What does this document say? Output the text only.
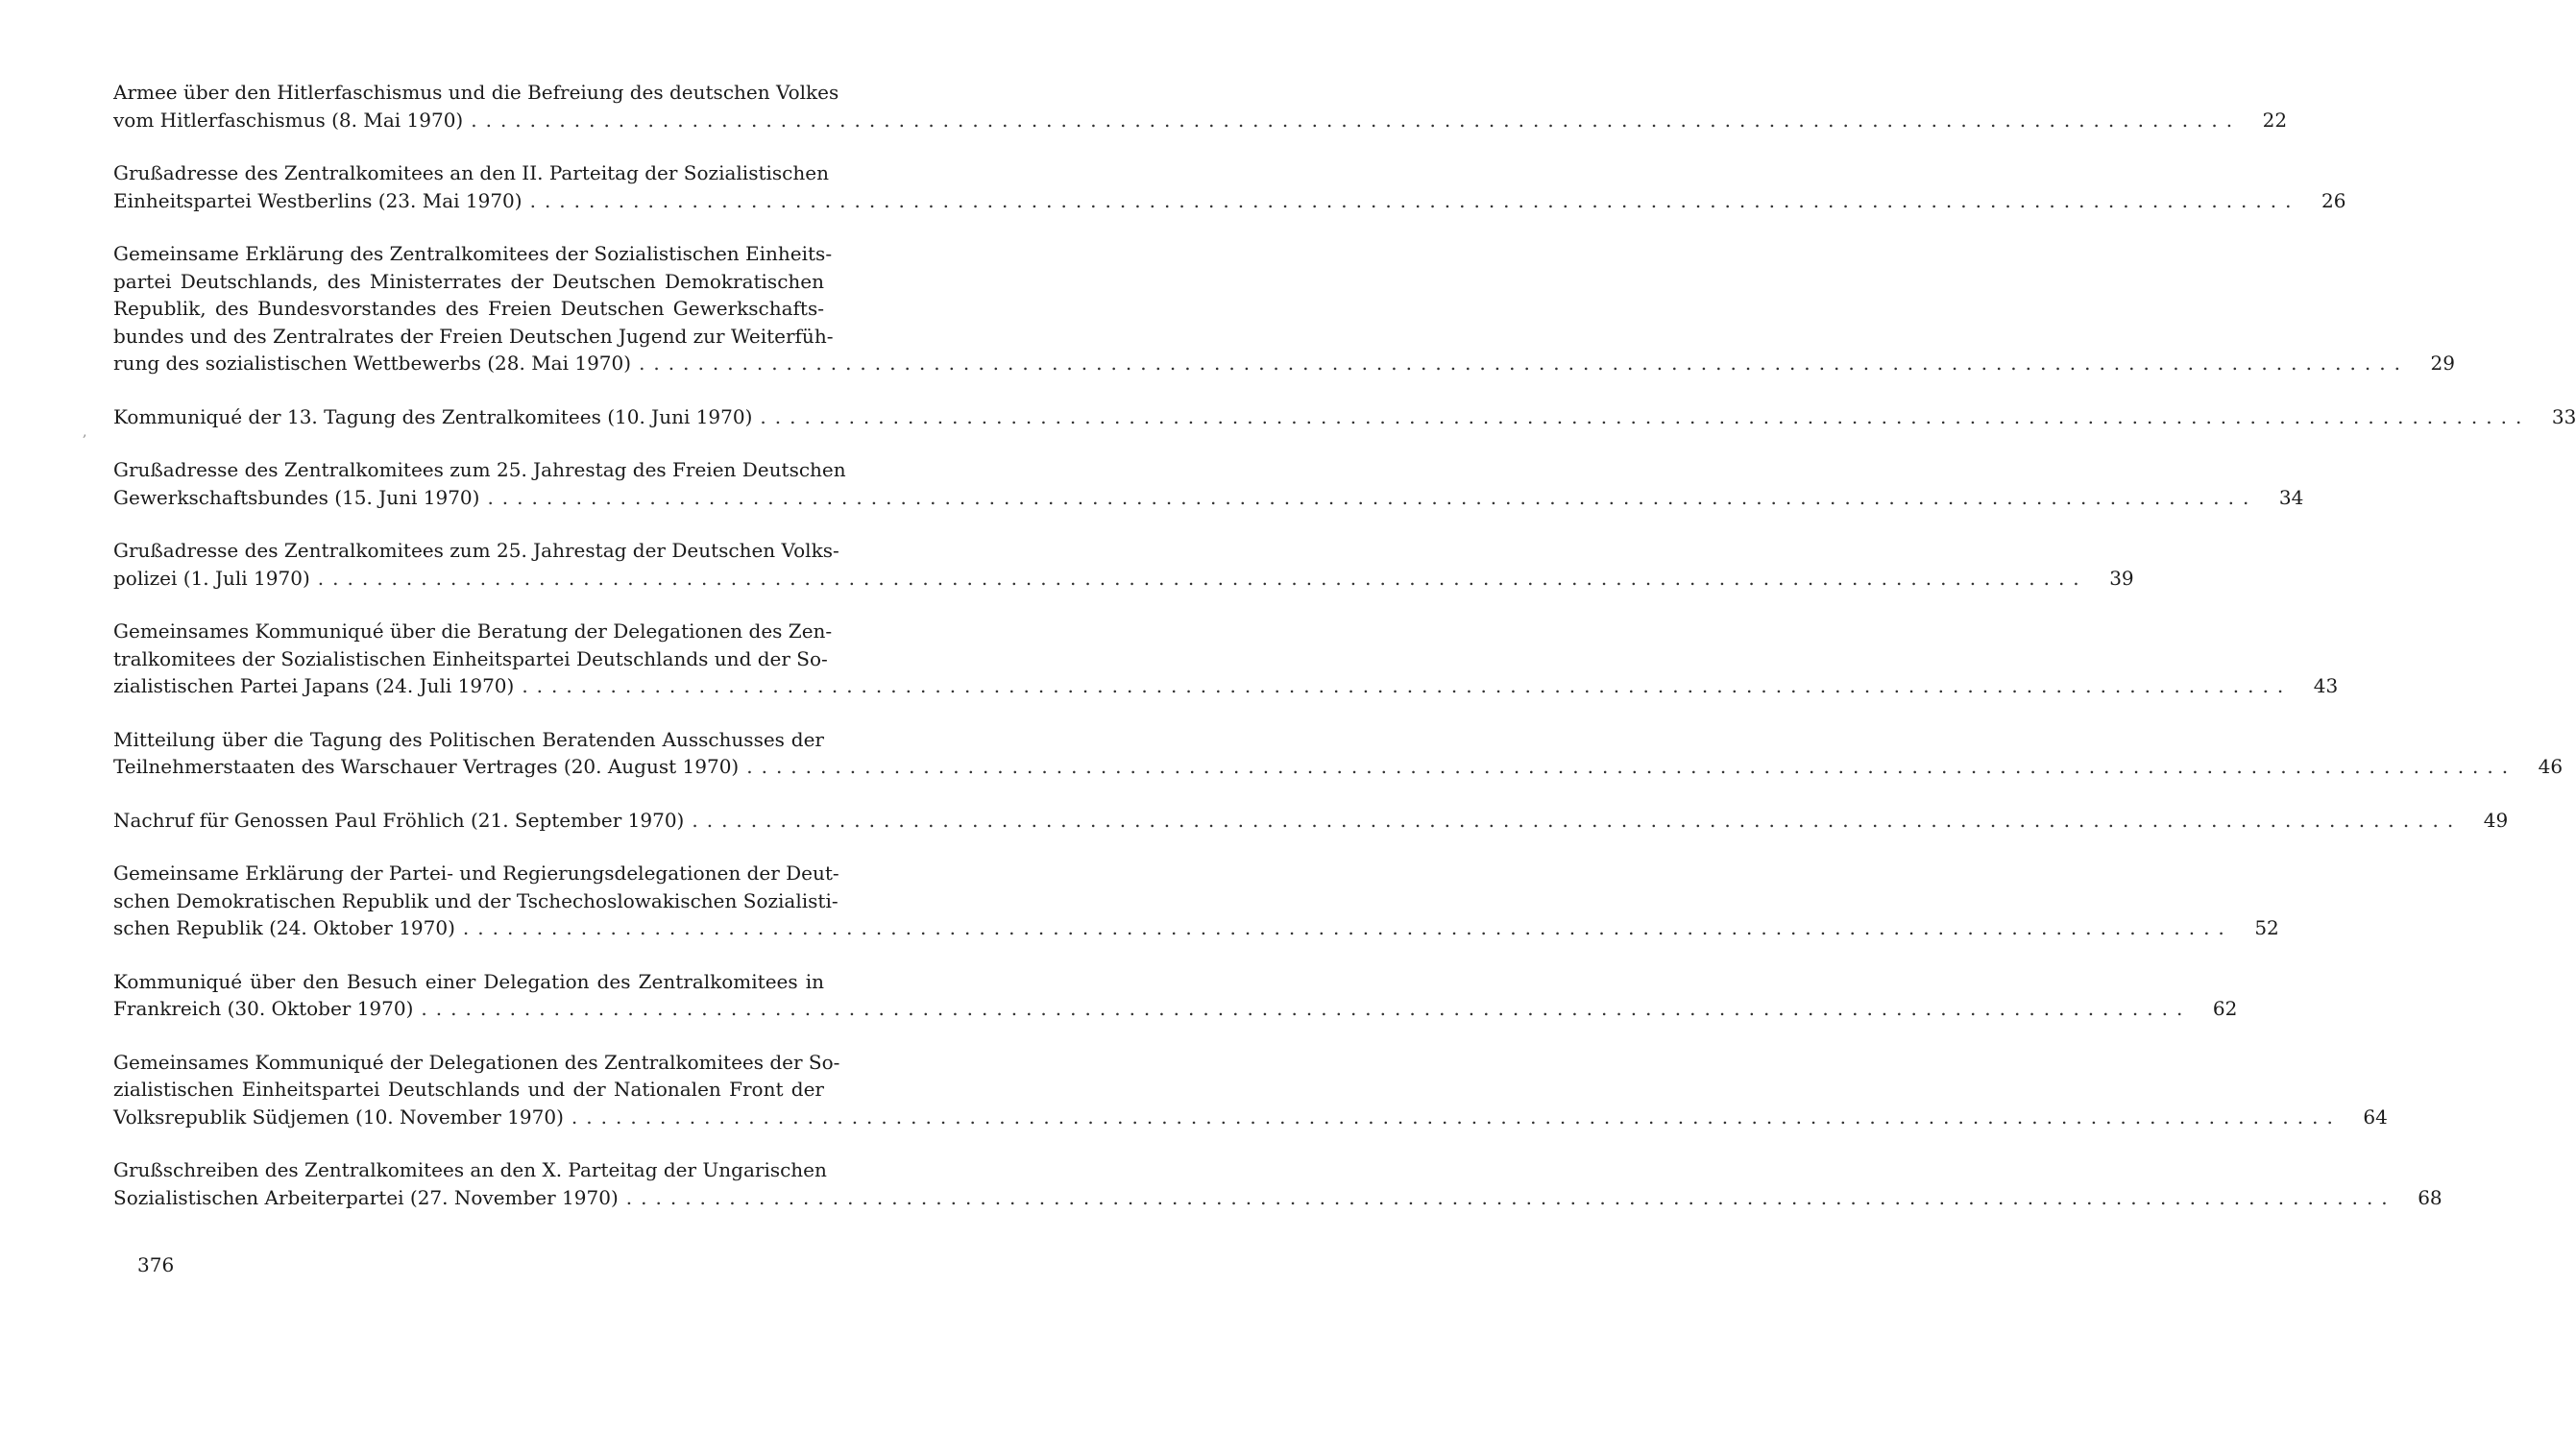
,
Armee über den Hitlerfaschismus und die Befreiung des deutschen Volkes
vom Hitlerfaschismus (8. Mai 1970) ........................................................................................................................	22
Grußadresse des Zentralkomitees an den II. Parteitag der Sozialistischen
Einheitspartei Westberlins (23. Mai 1970) ........................................................................................................................	26
Gemeinsame Erklärung des Zentralkomitees der Sozialistischen Einheits-
partei Deutschlands, des Ministerrates der Deutschen Demokratischen
Republik, des Bundesvorstandes des Freien Deutschen Gewerkschafts-
bundes und des Zentralrates der Freien Deutschen Jugend zur Weiterfüh-
rung des sozialistischen Wettbewerbs (28. Mai 1970) ........................................................................................................................	29
Kommuniqué der 13. Tagung des Zentralkomitees (10. Juni 1970) ........................................................................................................................	33
Grußadresse des Zentralkomitees zum 25. Jahrestag des Freien Deutschen
Gewerkschaftsbundes (15. Juni 1970) ........................................................................................................................	34
Grußadresse des Zentralkomitees zum 25. Jahrestag der Deutschen Volks-
polizei (1. Juli 1970) ........................................................................................................................	39
Gemeinsames Kommuniqué über die Beratung der Delegationen des Zen-
tralkomitees der Sozialistischen Einheitspartei Deutschlands und der So-
zialistischen Partei Japans (24. Juli 1970) ........................................................................................................................	43
Mitteilung über die Tagung des Politischen Beratenden Ausschusses der
Teilnehmerstaaten des Warschauer Vertrages (20. August 1970) ........................................................................................................................	46
Nachruf für Genossen Paul Fröhlich (21. September 1970) ........................................................................................................................	49
Gemeinsame Erklärung der Partei- und Regierungsdelegationen der Deut-
schen Demokratischen Republik und der Tschechoslowakischen Sozialisti-
schen Republik (24. Oktober 1970) ........................................................................................................................	52
Kommuniqué über den Besuch einer Delegation des Zentralkomitees in
Frankreich (30. Oktober 1970) ........................................................................................................................	62
Gemeinsames Kommuniqué der Delegationen des Zentralkomitees der So-
zialistischen Einheitspartei Deutschlands und der Nationalen Front der
Volksrepublik Südjemen (10. November 1970) ........................................................................................................................	64
Grußschreiben des Zentralkomitees an den X. Parteitag der Ungarischen
Sozialistischen Arbeiterpartei (27. November 1970) ........................................................................................................................	68
376
